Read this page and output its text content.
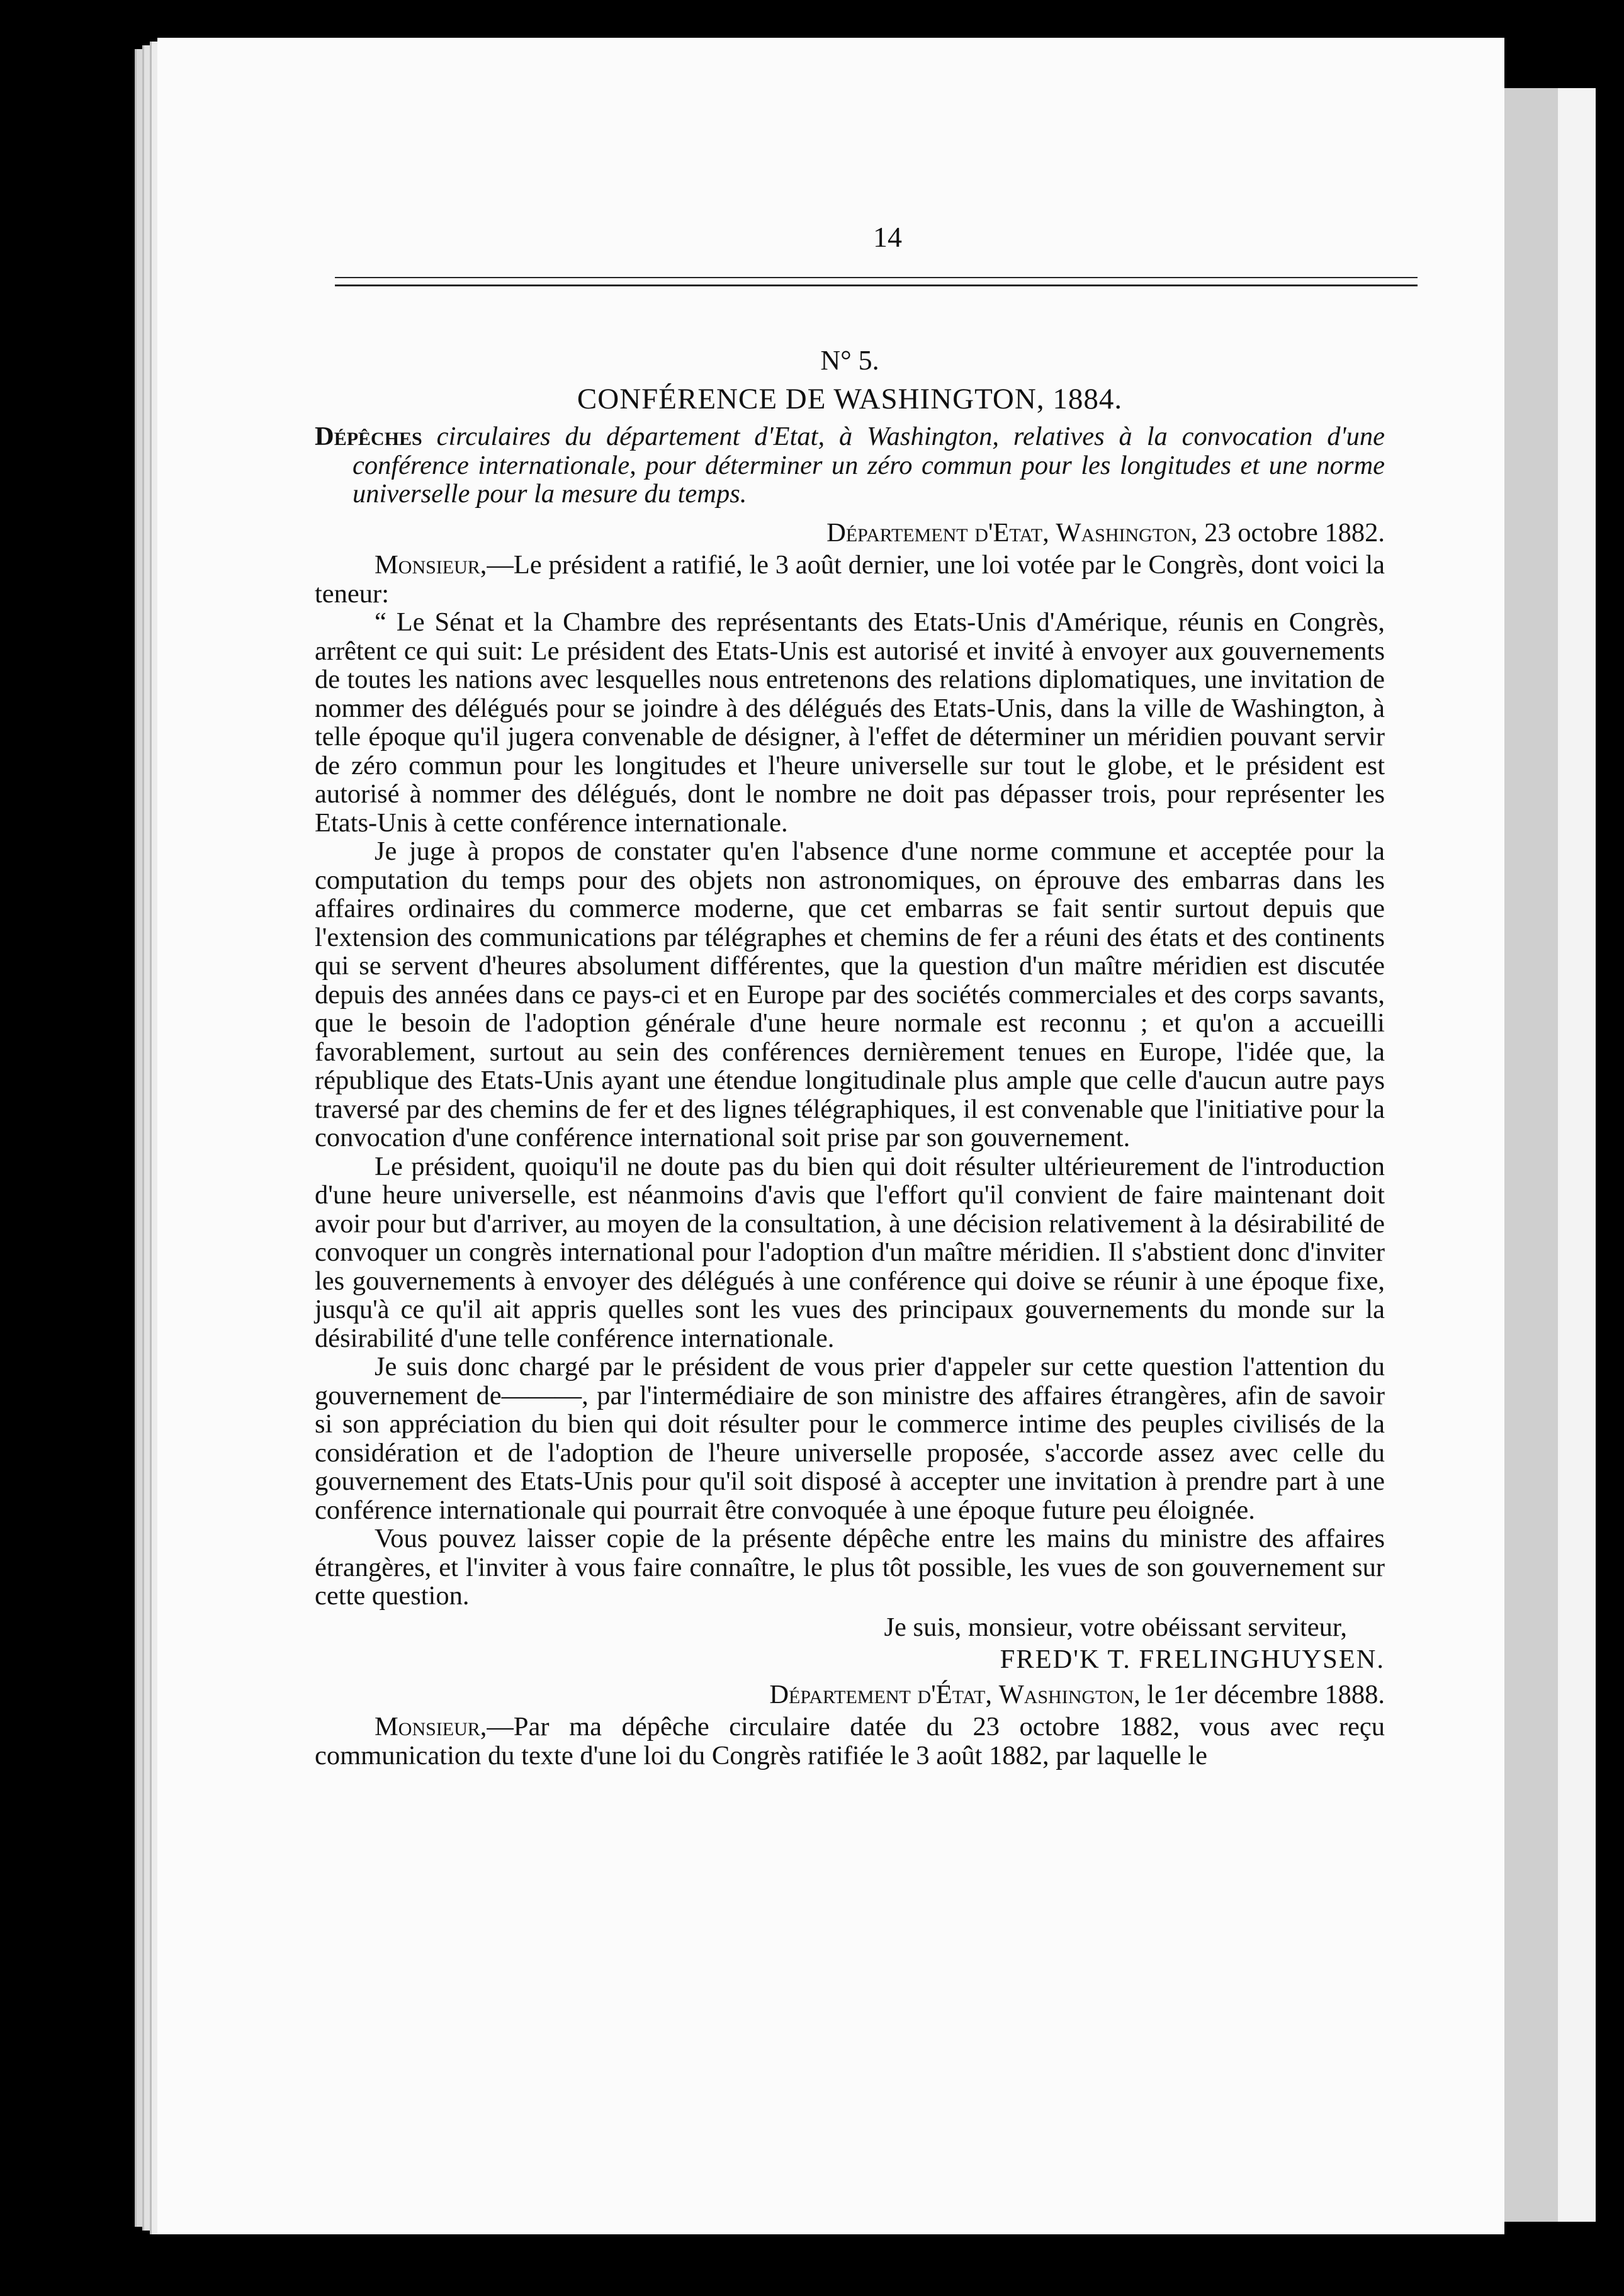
14
N° 5.
CONFÉRENCE DE WASHINGTON, 1884.
Dépêches circulaires du département d'Etat, à Washington, relatives à la convocation d'une conférence internationale, pour déterminer un zéro commun pour les longitudes et une norme universelle pour la mesure du temps.
Département d'Etat, Washington, 23 octobre 1882.

Monsieur,—Le président a ratifié, le 3 août dernier, une loi votée par le Congrès, dont voici la teneur:

“ Le Sénat et la Chambre des représentants des Etats-Unis d'Amérique, réunis en Congrès, arrêtent ce qui suit: Le président des Etats-Unis est autorisé et invité à envoyer aux gouvernements de toutes les nations avec lesquelles nous entretenons des relations diplomatiques, une invitation de nommer des délégués pour se joindre à des délégués des Etats-Unis, dans la ville de Washington, à telle époque qu'il jugera convenable de désigner, à l'effet de déterminer un méridien pouvant servir de zéro commun pour les longitudes et l'heure universelle sur tout le globe, et le président est autorisé à nommer des délégués, dont le nombre ne doit pas dépasser trois, pour représenter les Etats-Unis à cette conférence internationale.

Je juge à propos de constater qu'en l'absence d'une norme commune et acceptée pour la computation du temps pour des objets non astronomiques, on éprouve des embarras dans les affaires ordinaires du commerce moderne, que cet embarras se fait sentir surtout depuis que l'extension des communications par télégraphes et chemins de fer a réuni des états et des continents qui se servent d'heures absolument différentes, que la question d'un maître méridien est discutée depuis des années dans ce pays-ci et en Europe par des sociétés commerciales et des corps savants, que le besoin de l'adoption générale d'une heure normale est reconnu ; et qu'on a accueilli favorablement, surtout au sein des conférences dernièrement tenues en Europe, l'idée que, la république des Etats-Unis ayant une étendue longitudinale plus ample que celle d'aucun autre pays traversé par des chemins de fer et des lignes télégraphiques, il est convenable que l'initiative pour la convocation d'une conférence international soit prise par son gouvernement.

Le président, quoiqu'il ne doute pas du bien qui doit résulter ultérieurement de l'introduction d'une heure universelle, est néanmoins d'avis que l'effort qu'il convient de faire maintenant doit avoir pour but d'arriver, au moyen de la consultation, à une décision relativement à la désirabilité de convoquer un congrès international pour l'adoption d'un maître méridien. Il s'abstient donc d'inviter les gouvernements à envoyer des délégués à une conférence qui doive se réunir à une époque fixe, jusqu'à ce qu'il ait appris quelles sont les vues des principaux gouvernements du monde sur la désirabilité d'une telle conférence internationale.

Je suis donc chargé par le président de vous prier d'appeler sur cette question l'attention du gouvernement de———, par l'intermédiaire de son ministre des affaires étrangères, afin de savoir si son appréciation du bien qui doit résulter pour le commerce intime des peuples civilisés de la considération et de l'adoption de l'heure universelle proposée, s'accorde assez avec celle du gouvernement des Etats-Unis pour qu'il soit disposé à accepter une invitation à prendre part à une conférence internationale qui pourrait être convoquée à une époque future peu éloignée.

Vous pouvez laisser copie de la présente dépêche entre les mains du ministre des affaires étrangères, et l'inviter à vous faire connaître, le plus tôt possible, les vues de son gouvernement sur cette question.

Je suis, monsieur, votre obéissant serviteur,
FRED'K T. FRELINGHUYSEN.
Département d'État, Washington, le 1er décembre 1888.

Monsieur,—Par ma dépêche circulaire datée du 23 octobre 1882, vous avec reçu communication du texte d'une loi du Congrès ratifiée le 3 août 1882, par laquelle le
